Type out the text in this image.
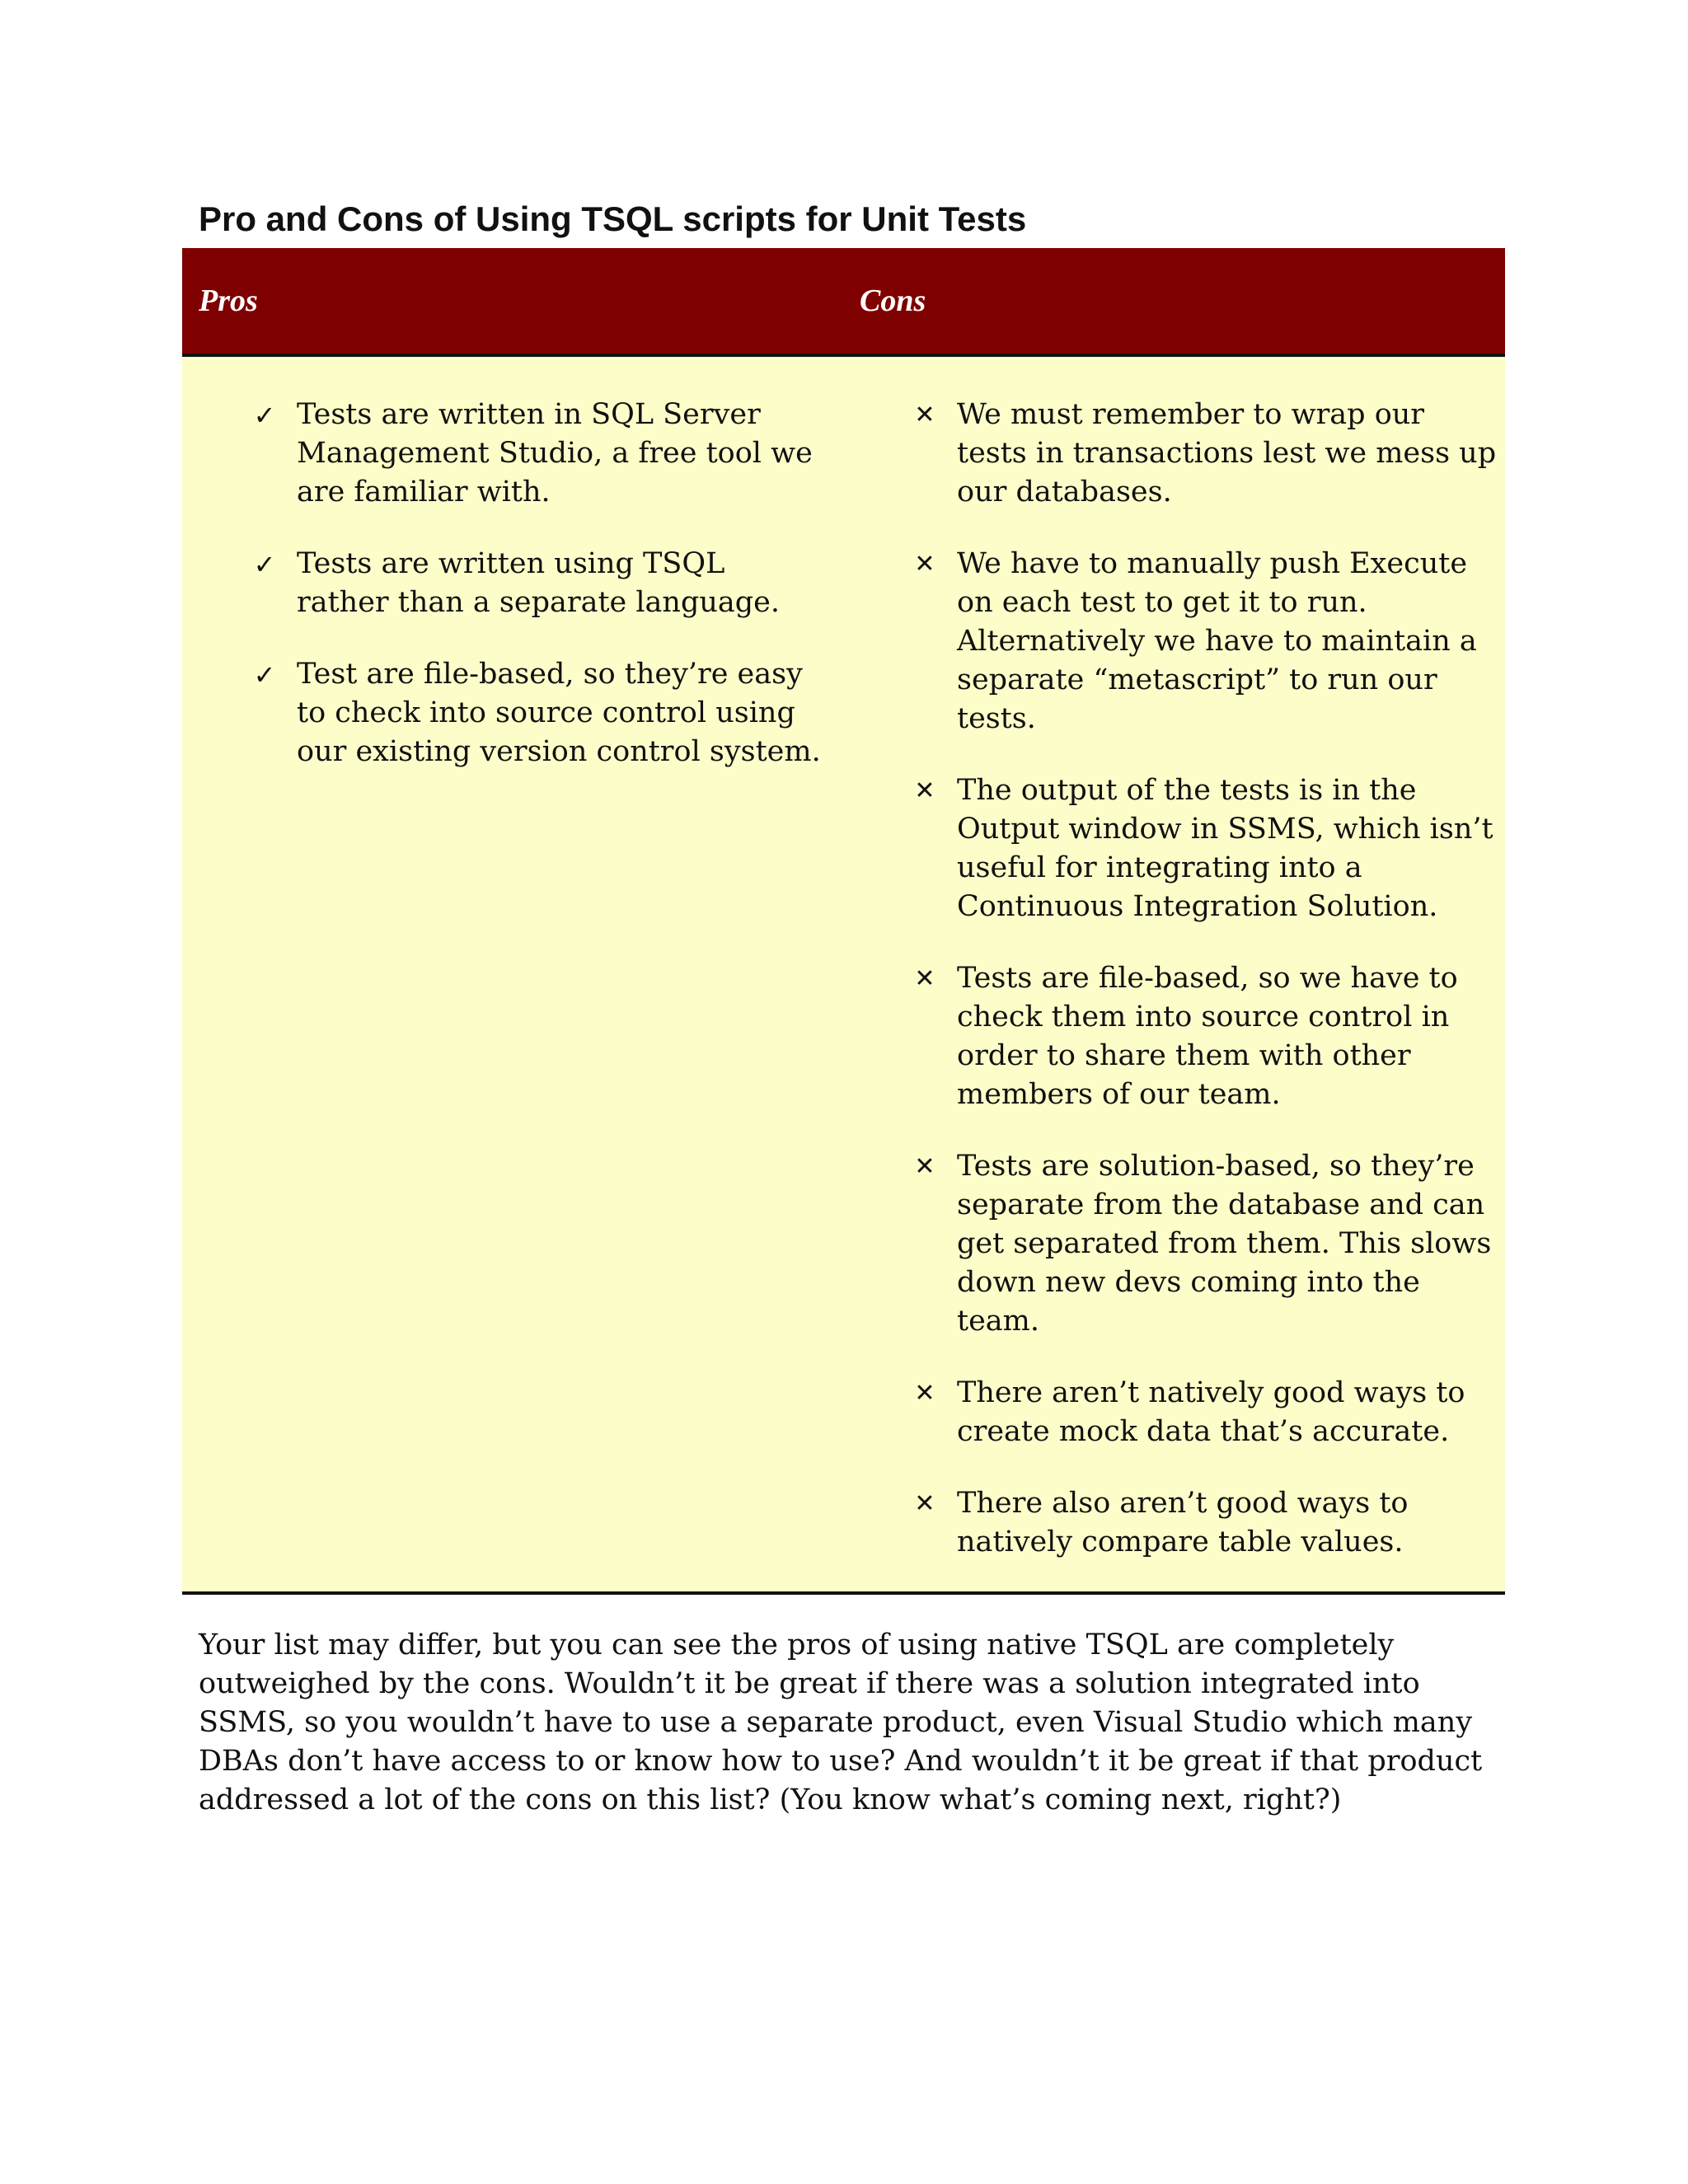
Pro and Cons of Using TSQL scripts for Unit Tests
Pros	Cons
✓ Tests are written in SQL Server Management Studio, a free tool we are familiar with.
✓ Tests are written using TSQL rather than a separate language.
✓ Test are file-based, so they’re easy to check into source control using our existing version control system.
✕ We must remember to wrap our tests in transactions lest we mess up our databases.
✕ We have to manually push Execute on each test to get it to run. Alternatively we have to maintain a separate “metascript” to run our tests.
✕ The output of the tests is in the Output window in SSMS, which isn’t useful for integrating into a Continuous Integration Solution.
✕ Tests are file-based, so we have to check them into source control in order to share them with other members of our team.
✕ Tests are solution-based, so they’re separate from the database and can get separated from them. This slows down new devs coming into the team.
✕ There aren’t natively good ways to create mock data that’s accurate.
✕ There also aren’t good ways to natively compare table values.

Your list may differ, but you can see the pros of using native TSQL are completely outweighed by the cons. Wouldn’t it be great if there was a solution integrated into SSMS, so you wouldn’t have to use a separate product, even Visual Studio which many DBAs don’t have access to or know how to use? And wouldn’t it be great if that product addressed a lot of the cons on this list? (You know what’s coming next, right?)
